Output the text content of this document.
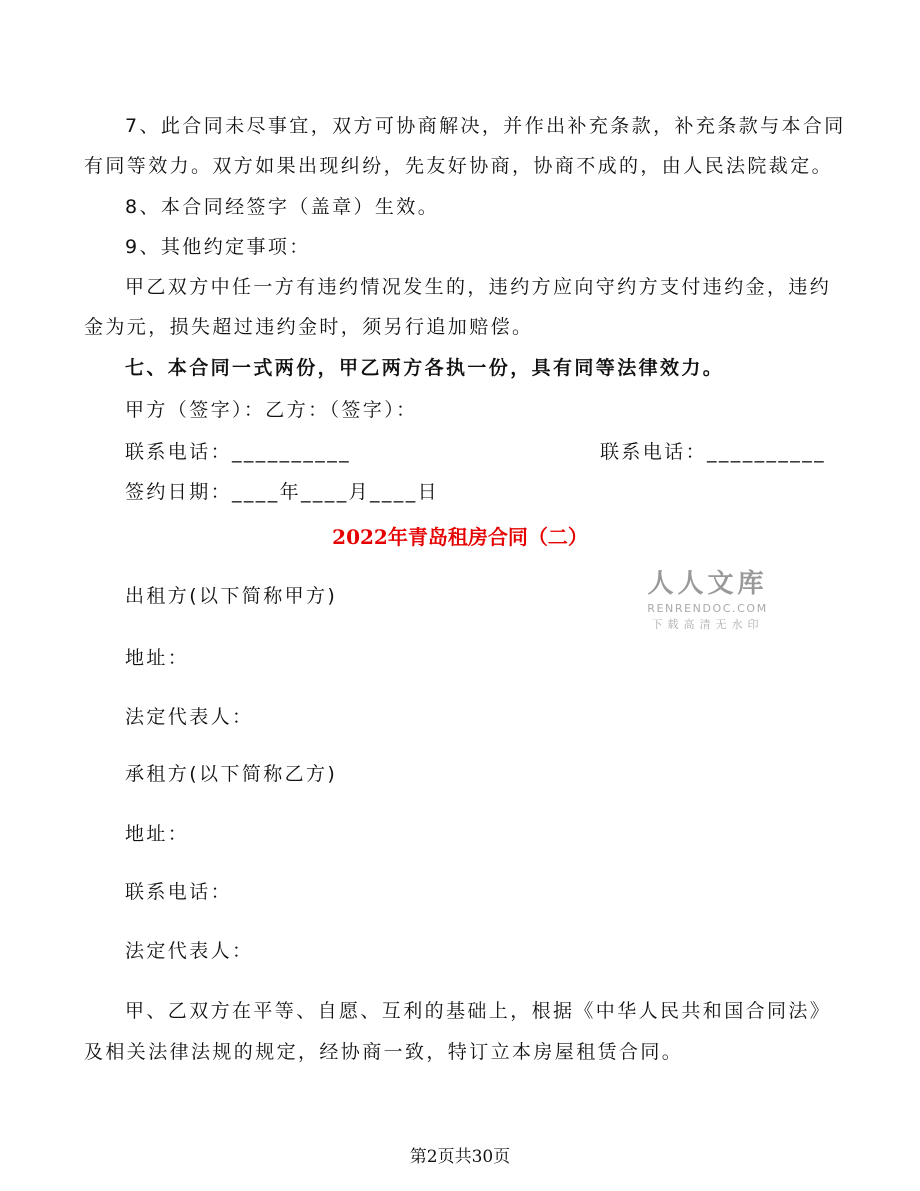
7、此合同未尽事宜，双方可协商解决，并作出补充条款，补充条款与本合同
有同等效力。双方如果出现纠纷，先友好协商，协商不成的，由人民法院裁定。
8、本合同经签字（盖章）生效。
9、其他约定事项：
甲乙双方中任一方有违约情况发生的，违约方应向守约方支付违约金，违约
金为元，损失超过违约金时，须另行追加赔偿。
七、本合同一式两份，甲乙两方各执一份，具有同等法律效力。
甲方（签字）：乙方：（签字）：
联系电话：__________	联系电话：__________
签约日期：____年____月____日
2022年青岛租房合同（二）
人人文库
RENRENDOC.COM
下载高清无水印
出租方(以下简称甲方)
地址：
法定代表人：
承租方(以下简称乙方)
地址：
联系电话：
法定代表人：
甲、乙双方在平等、自愿、互利的基础上，根据《中华人民共和国合同法》
及相关法律法规的规定，经协商一致，特订立本房屋租赁合同。
第2页共30页
